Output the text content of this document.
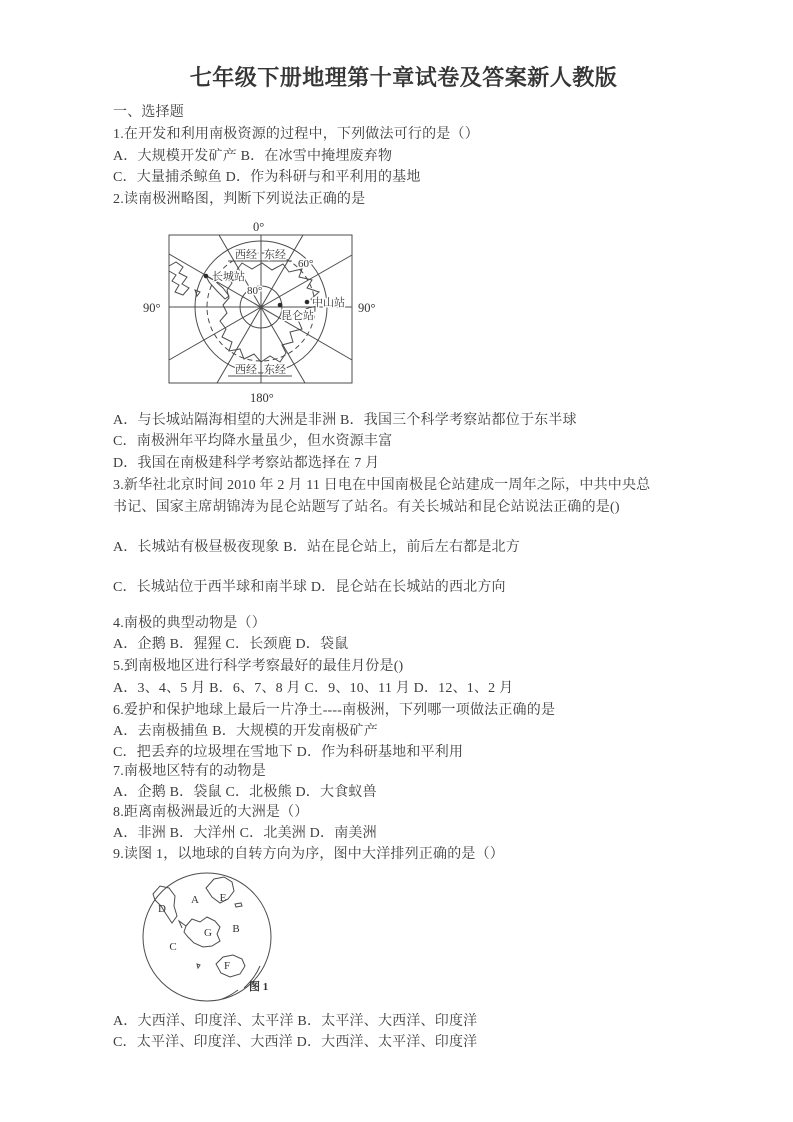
七年级下册地理第十章试卷及答案新人教版
一、选择题
1.在开发和利用南极资源的过程中，下列做法可行的是（）
A．大规模开发矿产 B．在冰雪中掩埋废弃物
C．大量捕杀鲸鱼 D．作为科研与和平利用的基地
2.读南极洲略图，判断下列说法正确的是
0°
180°
90°	90°
60°
80°
西经 东经
西经 东经
长城站
中山站
昆仑站
A．与长城站隔海相望的大洲是非洲 B．我国三个科学考察站都位于东半球
C．南极洲年平均降水量虽少，但水资源丰富
D．我国在南极建科学考察站都选择在 7 月
3.新华社北京时间 2010 年 2 月 11 日电在中国南极昆仑站建成一周年之际，中共中央总
书记、国家主席胡锦涛为昆仑站题写了站名。有关长城站和昆仑站说法正确的是()
A．长城站有极昼极夜现象 B．站在昆仑站上，前后左右都是北方
C．长城站位于西半球和南半球 D．昆仑站在长城站的西北方向
4.南极的典型动物是（）
A．企鹅 B．猩猩 C．长颈鹿 D．袋鼠
5.到南极地区进行科学考察最好的最佳月份是()
A．3、4、5 月 B．6、7、8 月 C．9、10、11 月 D．12、1、2 月
6.爱护和保护地球上最后一片净土----南极洲，下列哪一项做法正确的是
A．去南极捕鱼 B．大规模的开发南极矿产
C．把丢弃的垃圾埋在雪地下 D．作为科研基地和平利用
7.南极地区特有的动物是
A．企鹅 B．袋鼠 C．北极熊 D．大食蚁兽
8.距离南极洲最近的大洲是（）
A．非洲 B．大洋州 C．北美洲 D．南美洲
9.读图 1，以地球的自转方向为序，图中大洋排列正确的是（）
A
B
C
D
E
F
G
图 1
A．大西洋、印度洋、太平洋 B．太平洋、大西洋、印度洋
C．太平洋、印度洋、大西洋 D．大西洋、太平洋、印度洋
